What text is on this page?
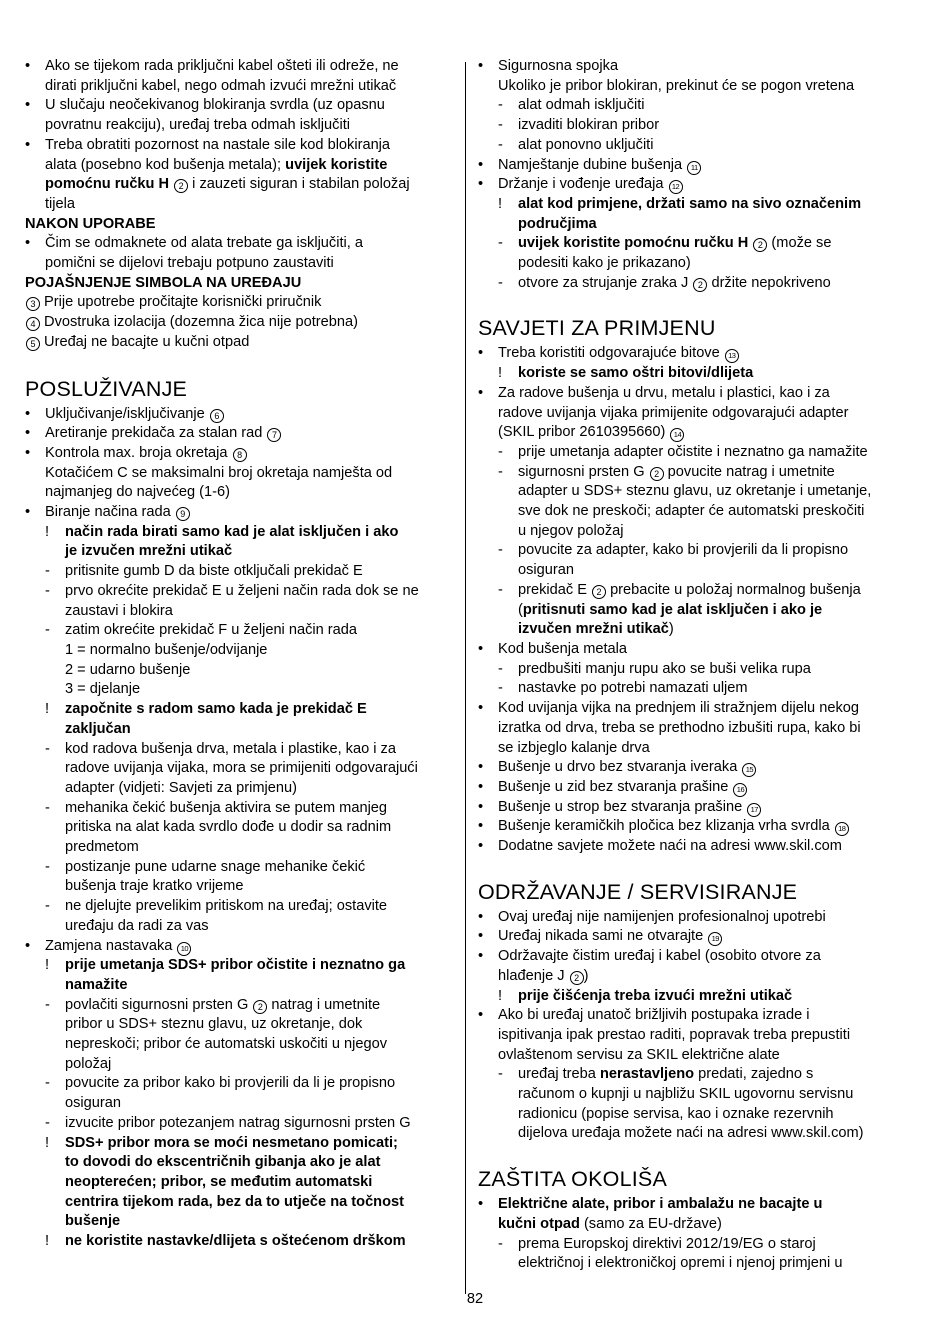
• Ako se tijekom rada priključni kabel ošteti ili odreže, ne
dirati priključni kabel, nego odmah izvući mrežni utikač
• U slučaju neočekivanog blokiranja svrdla (uz opasnu
povratnu reakciju), uređaj treba odmah isključiti
• Treba obratiti pozornost na nastale sile kod blokiranja
alata (posebno kod bušenja metala); uvijek koristite
pomoćnu ručku H 2 i zauzeti siguran i stabilan položaj
tijela
NAKON UPORABE
• Čim se odmaknete od alata trebate ga isključiti, a
pomični se dijelovi trebaju potpuno zaustaviti
POJAŠNJENJE SIMBOLA NA UREĐAJU
3 Prije upotrebe pročitajte korisnički priručnik
4 Dvostruka izolacija (dozemna žica nije potrebna)
5 Uređaj ne bacajte u kučni otpad
POSLUŽIVANJE
• Uključivanje/isključivanje 6
• Aretiranje prekidača za stalan rad 7
• Kontrola max. broja okretaja 8
Kotačićem C se maksimalni broj okretaja namješta od
najmanjeg do najvećeg (1-6)
• Biranje načina rada 9
! način rada birati samo kad je alat isključen i ako
je izvučen mrežni utikač
- pritisnite gumb D da biste otključali prekidač E
- prvo okrećite prekidač E u željeni način rada dok se ne
zaustavi i blokira
- zatim okrećite prekidač F u željeni način rada
1 = normalno bušenje/odvijanje
2 = udarno bušenje
3 = djelanje
! započnite s radom samo kada je prekidač E
zaključan
- kod radova bušenja drva, metala i plastike, kao i za
radove uvijanja vijaka, mora se primijeniti odgovarajući
adapter (vidjeti: Savjeti za primjenu)
- mehanika čekić bušenja aktivira se putem manjeg
pritiska na alat kada svrdlo dođe u dodir sa radnim
predmetom
- postizanje pune udarne snage mehanike čekić
bušenja traje kratko vrijeme
- ne djelujte prevelikim pritiskom na uređaj; ostavite
uređaju da radi za vas
• Zamjena nastavaka 10
! prije umetanja SDS+ pribor očistite i neznatno ga
namažite
- povlačiti sigurnosni prsten G 2 natrag i umetnite
pribor u SDS+ steznu glavu, uz okretanje, dok
nepreskoči; pribor će automatski uskočiti u njegov
položaj
- povucite za pribor kako bi provjerili da li je propisno
osiguran
- izvucite pribor potezanjem natrag sigurnosni prsten G
! SDS+ pribor mora se moći nesmetano pomicati;
to dovodi do ekscentričnih gibanja ako je alat
neopterećen; pribor, se međutim automatski
centrira tijekom rada, bez da to utječe na točnost
bušenje
! ne koristite nastavke/dlijeta s oštećenom drškom
• Sigurnosna spojka
Ukoliko je pribor blokiran, prekinut će se pogon vretena
- alat odmah isključiti
- izvaditi blokiran pribor
- alat ponovno uključiti
• Namještanje dubine bušenja 11
• Držanje i vođenje uređaja 12
! alat kod primjene, držati samo na sivo označenim
područjima
- uvijek koristite pomoćnu ručku H 2 (može se
podesiti kako je prikazano)
- otvore za strujanje zraka J 2 držite nepokriveno
SAVJETI ZA PRIMJENU
• Treba koristiti odgovarajuće bitove 13
! koriste se samo oštri bitovi/dlijeta
• Za radove bušenja u drvu, metalu i plastici, kao i za
radove uvijanja vijaka primijenite odgovarajući adapter
(SKIL pribor 2610395660) 14
- prije umetanja adapter očistite i neznatno ga namažite
- sigurnosni prsten G 2 povucite natrag i umetnite
adapter u SDS+ steznu glavu, uz okretanje i umetanje,
sve dok ne preskoči; adapter će automatski preskočiti
u njegov položaj
- povucite za adapter, kako bi provjerili da li propisno
osiguran
- prekidač E 2 prebacite u položaj normalnog bušenja
(pritisnuti samo kad je alat isključen i ako je
izvučen mrežni utikač)
• Kod bušenja metala
- predbušiti manju rupu ako se buši velika rupa
- nastavke po potrebi namazati uljem
• Kod uvijanja vijka na prednjem ili stražnjem dijelu nekog
izratka od drva, treba se prethodno izbušiti rupa, kako bi
se izbjeglo kalanje drva
• Bušenje u drvo bez stvaranja iveraka 15
• Bušenje u zid bez stvaranja prašine 16
• Bušenje u strop bez stvaranja prašine 17
• Bušenje keramičkih pločica bez klizanja vrha svrdla 18
• Dodatne savjete možete naći na adresi www.skil.com
ODRŽAVANJE / SERVISIRANJE
• Ovaj uređaj nije namijenjen profesionalnoj upotrebi
• Uređaj nikada sami ne otvarajte 19
• Održavajte čistim uređaj i kabel (osobito otvore za
hlađenje J 2 )
! prije čišćenja treba izvući mrežni utikač
• Ako bi uređaj unatoč brižljivih postupaka izrade i
ispitivanja ipak prestao raditi, popravak treba prepustiti
ovlaštenom servisu za SKIL električne alate
- uređaj treba nerastavljeno predati, zajedno s
računom o kupnji u najbližu SKIL ugovornu servisnu
radionicu (popise servisa, kao i oznake rezervnih
dijelova uređaja možete naći na adresi www.skil.com)
ZAŠTITA OKOLIŠA
• Električne alate, pribor i ambalažu ne bacajte u
kučni otpad (samo za EU-države)
- prema Europskoj direktivi 2012/19/EG o staroj
električnoj i elektroničkoj opremi i njenoj primjeni u
82
